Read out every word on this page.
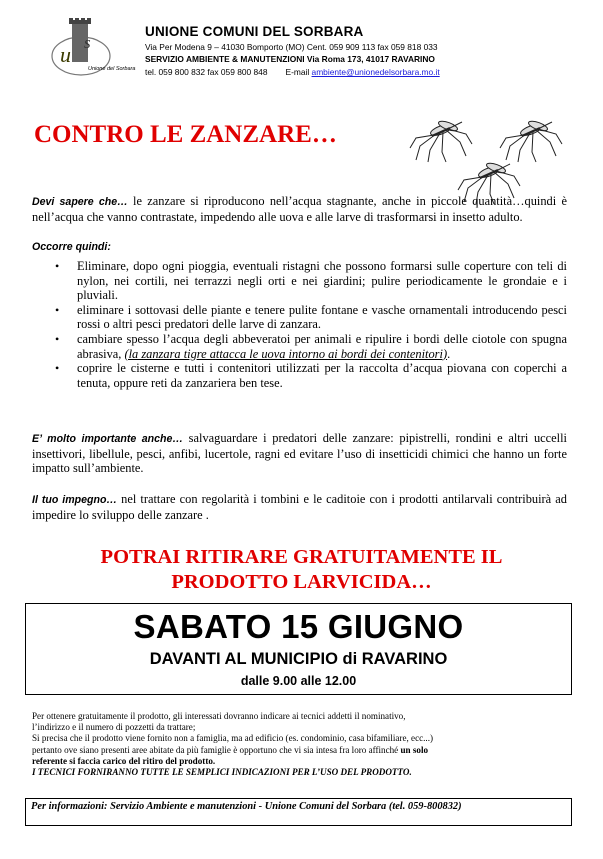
u s
Unione del Sorbara
UNIONE COMUNI DEL SORBARA
Via Per Modena 9 – 41030 Bomporto (MO) Cent. 059 909 113 fax 059 818 033
SERVIZIO AMBIENTE & MANUTENZIONI Via Roma 173, 41017 RAVARINO
tel. 059 800 832 fax 059 800 848 E-mail ambiente@unionedelsorbara.mo.it
CONTRO LE ZANZARE…
Devi sapere che… le zanzare si riproducono nell’acqua stagnante, anche in piccole quantità…quindi è nell’acqua che vanno contrastate, impedendo alle uova e alle larve di trasformarsi in insetto adulto.
Occorre quindi:
• Eliminare, dopo ogni pioggia, eventuali ristagni che possono formarsi sulle coperture con teli di nylon, nei cortili, nei terrazzi negli orti e nei giardini; pulire periodicamente le grondaie e i pluviali.
• eliminare i sottovasi delle piante e tenere pulite fontane e vasche ornamentali introducendo pesci rossi o altri pesci predatori delle larve di zanzara.
• cambiare spesso l’acqua degli abbeveratoi per animali e ripulire i bordi delle ciotole con spugna abrasiva, (la zanzara tigre attacca le uova intorno ai bordi dei contenitori).
• coprire le cisterne e tutti i contenitori utilizzati per la raccolta d’acqua piovana con coperchi a tenuta, oppure reti da zanzariera ben tese.
E’ molto importante anche… salvaguardare i predatori delle zanzare: pipistrelli, rondini e altri uccelli insettivori, libellule, pesci, anfibi, lucertole, ragni ed evitare l’uso di insetticidi chimici che hanno un forte impatto sull’ambiente.
Il tuo impegno… nel trattare con regolarità i tombini e le caditoie con i prodotti antilarvali contribuirà ad impedire lo sviluppo delle zanzare .
POTRAI RITIRARE GRATUITAMENTE IL
PRODOTTO LARVICIDA…
SABATO 15 GIUGNO
DAVANTI AL MUNICIPIO di RAVARINO
dalle 9.00 alle 12.00
Per ottenere gratuitamente il prodotto, gli interessati dovranno indicare ai tecnici addetti il nominativo,
l’indirizzo e il numero di pozzetti da trattare;
Si precisa che il prodotto viene fornito non a famiglia, ma ad edificio (es. condominio, casa bifamiliare, ecc...)
pertanto ove siano presenti aree abitate da più famiglie è opportuno che vi sia intesa fra loro affinché un solo
referente si faccia carico del ritiro del prodotto.
I TECNICI FORNIRANNO TUTTE LE SEMPLICI INDICAZIONI PER L’USO DEL PRODOTTO.
Per informazioni: Servizio Ambiente e manutenzioni - Unione Comuni del Sorbara (tel. 059-800832)
